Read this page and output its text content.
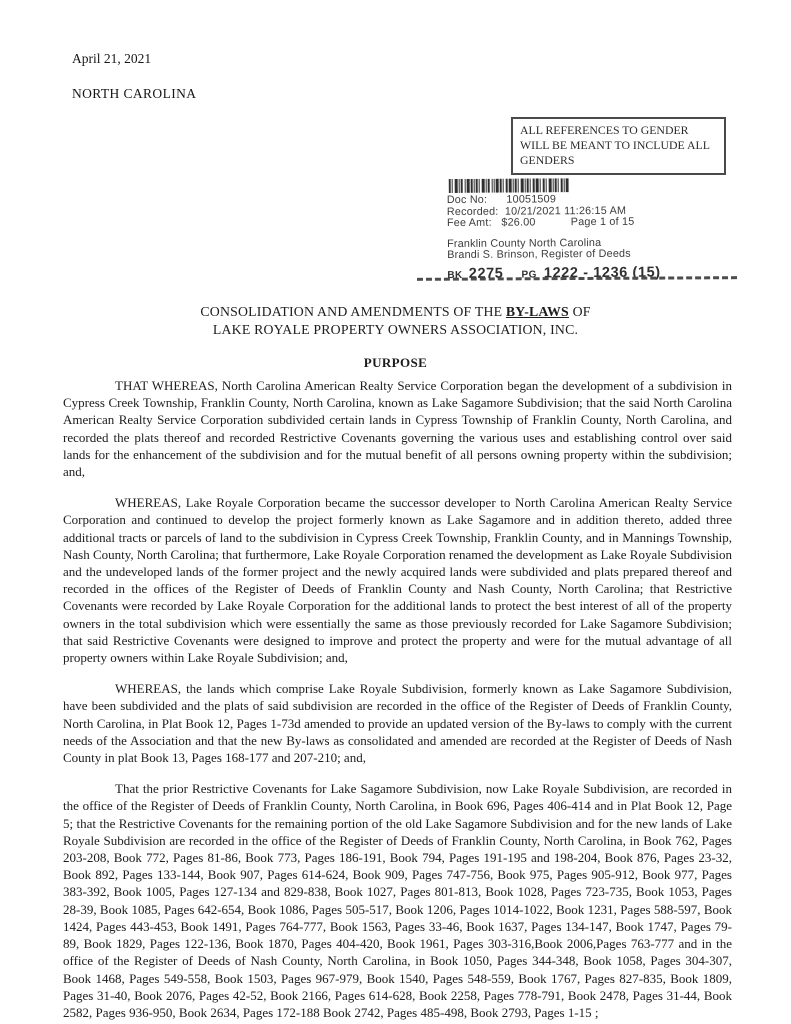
April 21, 2021
NORTH CAROLINA
ALL REFERENCES TO GENDER WILL BE MEANT TO INCLUDE ALL GENDERS
Doc No:      10051509
Recorded:  10/21/2021 11:26:15 AM
Fee Amt:   $26.00           Page 1 of 15
Franklin County North Carolina
Brandi S. Brinson, Register of Deeds
BK 2275 PG 1222 - 1236 (15)
CONSOLIDATION AND AMENDMENTS OF THE BY-LAWS OF
LAKE ROYALE PROPERTY OWNERS ASSOCIATION, INC.
PURPOSE

THAT WHEREAS, North Carolina American Realty Service Corporation began the development of a subdivision in Cypress Creek Township, Franklin County, North Carolina, known as Lake Sagamore Subdivision; that the said North Carolina American Realty Service Corporation subdivided certain lands in Cypress Township of Franklin County, North Carolina, and recorded the plats thereof and recorded Restrictive Covenants governing the various uses and establishing control over said lands for the enhancement of the subdivision and for the mutual benefit of all persons owning property within the subdivision; and,

WHEREAS, Lake Royale Corporation became the successor developer to North Carolina American Realty Service Corporation and continued to develop the project formerly known as Lake Sagamore and in addition thereto, added three additional tracts or parcels of land to the subdivision in Cypress Creek Township, Franklin County, and in Mannings Township, Nash County, North Carolina; that furthermore, Lake Royale Corporation renamed the development as Lake Royale Subdivision and the undeveloped lands of the former project and the newly acquired lands were subdivided and plats prepared thereof and recorded in the offices of the Register of Deeds of Franklin County and Nash County, North Carolina; that Restrictive Covenants were recorded by Lake Royale Corporation for the additional lands to protect the best interest of all of the property owners in the total subdivision which were essentially the same as those previously recorded for Lake Sagamore Subdivision; that said Restrictive Covenants were designed to improve and protect the property and were for the mutual advantage of all property owners within Lake Royale Subdivision; and,

WHEREAS, the lands which comprise Lake Royale Subdivision, formerly known as Lake Sagamore Subdivision, have been subdivided and the plats of said subdivision are recorded in the office of the Register of Deeds of Franklin County, North Carolina, in Plat Book 12, Pages 1-73d amended to provide an updated version of the By-laws to comply with the current needs of the Association and that the new By-laws as consolidated and amended are recorded at the Register of Deeds of Nash County in plat Book 13, Pages 168-177 and 207-210; and,

That the prior Restrictive Covenants for Lake Sagamore Subdivision, now Lake Royale Subdivision, are recorded in the office of the Register of Deeds of Franklin County, North Carolina, in Book 696, Pages 406-414 and in Plat Book 12, Page 5; that the Restrictive Covenants for the remaining portion of the old Lake Sagamore Subdivision and for the new lands of Lake Royale Subdivision are recorded in the office of the Register of Deeds of Franklin County, North Carolina, in Book 762, Pages 203-208, Book 772, Pages 81-86, Book 773, Pages 186-191, Book 794, Pages 191-195 and 198-204, Book 876, Pages 23-32, Book 892, Pages 133-144, Book 907, Pages 614-624, Book 909, Pages 747-756, Book 975, Pages 905-912, Book 977, Pages 383-392, Book 1005, Pages 127-134 and 829-838, Book 1027, Pages 801-813, Book 1028, Pages 723-735, Book 1053, Pages 28-39, Book 1085, Pages 642-654, Book 1086, Pages 505-517, Book 1206, Pages 1014-1022, Book 1231, Pages 588-597, Book 1424, Pages 443-453, Book 1491, Pages 764-777, Book 1563, Pages 33-46, Book 1637, Pages 134-147, Book 1747, Pages 79-89, Book 1829, Pages 122-136, Book 1870, Pages 404-420, Book 1961, Pages 303-316,Book 2006,Pages 763-777 and in the office of the Register of Deeds of Nash County, North Carolina, in Book 1050, Pages 344-348, Book 1058, Pages 304-307, Book 1468, Pages 549-558, Book 1503, Pages 967-979, Book 1540, Pages 548-559, Book 1767, Pages 827-835, Book 1809, Pages 31-40, Book 2076, Pages 42-52, Book 2166, Pages 614-628, Book 2258, Pages 778-791, Book 2478, Pages 31-44, Book 2582, Pages 936-950, Book 2634, Pages 172-188 Book 2742, Pages 485-498, Book 2793, Pages 1-15 ;
